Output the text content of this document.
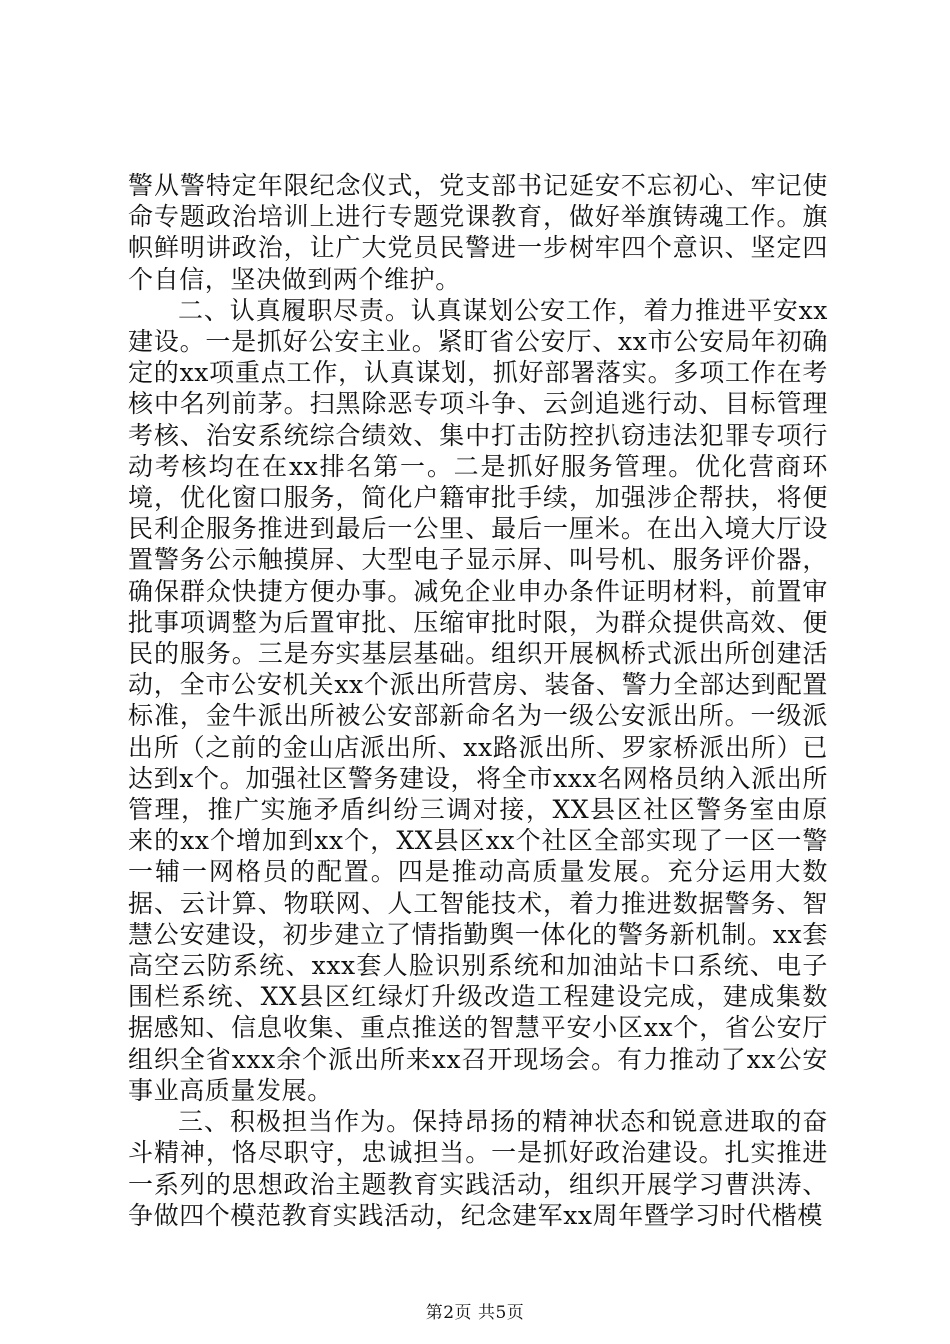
警从警特定年限纪念仪式，党支部书记延安不忘初心、牢记使命专题政治培训上进行专题党课教育，做好举旗铸魂工作。旗帜鲜明讲政治，让广大党员民警进一步树牢四个意识、坚定四个自信，坚决做到两个维护。

二、认真履职尽责。认真谋划公安工作，着力推进平安xx建设。一是抓好公安主业。紧盯省公安厅、xx市公安局年初确定的xx项重点工作，认真谋划，抓好部署落实。多项工作在考核中名列前茅。扫黑除恶专项斗争、云剑追逃行动、目标管理考核、治安系统综合绩效、集中打击防控扒窃违法犯罪专项行动考核均在在xx排名第一。二是抓好服务管理。优化营商环境，优化窗口服务，简化户籍审批手续，加强涉企帮扶，将便民利企服务推进到最后一公里、最后一厘米。在出入境大厅设置警务公示触摸屏、大型电子显示屏、叫号机、服务评价器，确保群众快捷方便办事。减免企业申办条件证明材料，前置审批事项调整为后置审批、压缩审批时限，为群众提供高效、便民的服务。三是夯实基层基础。组织开展枫桥式派出所创建活动，全市公安机关xx个派出所营房、装备、警力全部达到配置标准，金牛派出所被公安部新命名为一级公安派出所。一级派出所（之前的金山店派出所、xx路派出所、罗家桥派出所）已达到x个。加强社区警务建设，将全市xxx名网格员纳入派出所管理，推广实施矛盾纠纷三调对接，XX县区社区警务室由原来的xx个增加到xx个，XX县区xx个社区全部实现了一区一警一辅一网格员的配置。四是推动高质量发展。充分运用大数据、云计算、物联网、人工智能技术，着力推进数据警务、智慧公安建设，初步建立了情指勤舆一体化的警务新机制。xx套高空云防系统、xxx套人脸识别系统和加油站卡口系统、电子围栏系统、XX县区红绿灯升级改造工程建设完成，建成集数据感知、信息收集、重点推送的智慧平安小区xx个，省公安厅组织全省xxx余个派出所来xx召开现场会。有力推动了xx公安事业高质量发展。

三、积极担当作为。保持昂扬的精神状态和锐意进取的奋斗精神，恪尽职守，忠诚担当。一是抓好政治建设。扎实推进一系列的思想政治主题教育实践活动，组织开展学习曹洪涛、争做四个模范教育实践活动，纪念建军xx周年暨学习时代楷模

第2页 共5页
